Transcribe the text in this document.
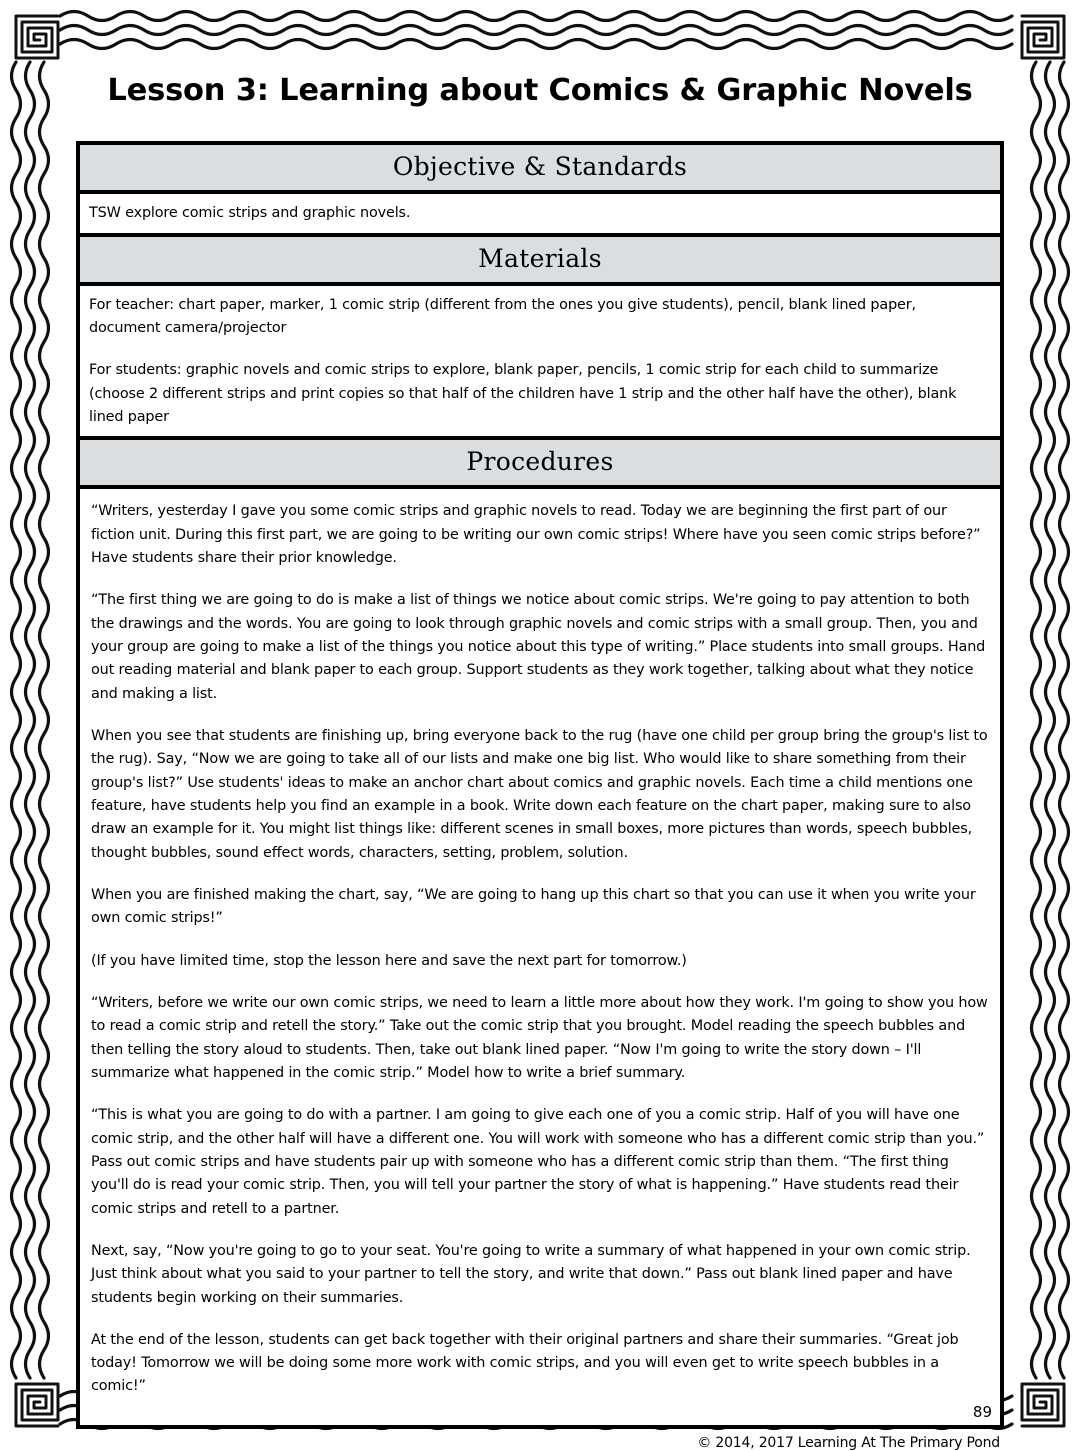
Lesson 3: Learning about Comics & Graphic Novels
Objective & Standards

TSW explore comic strips and graphic novels.

Materials

For teacher: chart paper, marker, 1 comic strip (different from the ones you give students), pencil, blank lined paper, document camera/projector

For students: graphic novels and comic strips to explore, blank paper, pencils, 1 comic strip for each child to summarize (choose 2 different strips and print copies so that half of the children have 1 strip and the other half have the other), blank lined paper

Procedures

“Writers, yesterday I gave you some comic strips and graphic novels to read. Today we are beginning the first part of our fiction unit. During this first part, we are going to be writing our own comic strips! Where have you seen comic strips before?” Have students share their prior knowledge.

“The first thing we are going to do is make a list of things we notice about comic strips. We're going to pay attention to both the drawings and the words. You are going to look through graphic novels and comic strips with a small group. Then, you and your group are going to make a list of the things you notice about this type of writing.” Place students into small groups. Hand out reading material and blank paper to each group. Support students as they work together, talking about what they notice and making a list.

When you see that students are finishing up, bring everyone back to the rug (have one child per group bring the group's list to the rug). Say, “Now we are going to take all of our lists and make one big list. Who would like to share something from their group's list?” Use students' ideas to make an anchor chart about comics and graphic novels. Each time a child mentions one feature, have students help you find an example in a book. Write down each feature on the chart paper, making sure to also draw an example for it. You might list things like: different scenes in small boxes, more pictures than words, speech bubbles, thought bubbles, sound effect words, characters, setting, problem, solution.

When you are finished making the chart, say, “We are going to hang up this chart so that you can use it when you write your own comic strips!”

(If you have limited time, stop the lesson here and save the next part for tomorrow.)

“Writers, before we write our own comic strips, we need to learn a little more about how they work. I'm going to show you how to read a comic strip and retell the story.” Take out the comic strip that you brought. Model reading the speech bubbles and then telling the story aloud to students. Then, take out blank lined paper. “Now I'm going to write the story down – I'll summarize what happened in the comic strip.” Model how to write a brief summary.

“This is what you are going to do with a partner. I am going to give each one of you a comic strip. Half of you will have one comic strip, and the other half will have a different one. You will work with someone who has a different comic strip than you.” Pass out comic strips and have students pair up with someone who has a different comic strip than them. “The first thing you'll do is read your comic strip. Then, you will tell your partner the story of what is happening.” Have students read their comic strips and retell to a partner.

Next, say, “Now you're going to go to your seat. You're going to write a summary of what happened in your own comic strip. Just think about what you said to your partner to tell the story, and write that down.” Pass out blank lined paper and have students begin working on their summaries.

At the end of the lesson, students can get back together with their original partners and share their summaries. “Great job today! Tomorrow we will be doing some more work with comic strips, and you will even get to write speech bubbles in a comic!”

89
© 2014, 2017 Learning At The Primary Pond
